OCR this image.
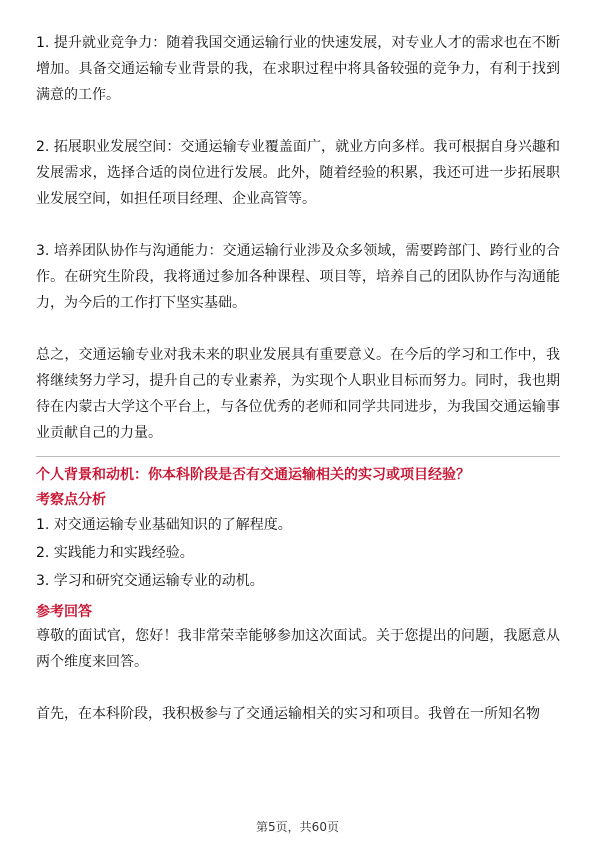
1. 提升就业竞争力：随着我国交通运输行业的快速发展，对专业人才的需求也在不断增加。具备交通运输专业背景的我，在求职过程中将具备较强的竞争力，有利于找到满意的工作。

2. 拓展职业发展空间：交通运输专业覆盖面广，就业方向多样。我可根据自身兴趣和发展需求，选择合适的岗位进行发展。此外，随着经验的积累，我还可进一步拓展职业发展空间，如担任项目经理、企业高管等。

3. 培养团队协作与沟通能力：交通运输行业涉及众多领域，需要跨部门、跨行业的合作。在研究生阶段，我将通过参加各种课程、项目等，培养自己的团队协作与沟通能力，为今后的工作打下坚实基础。

总之，交通运输专业对我未来的职业发展具有重要意义。在今后的学习和工作中，我将继续努力学习，提升自己的专业素养，为实现个人职业目标而努力。同时，我也期待在内蒙古大学这个平台上，与各位优秀的老师和同学共同进步，为我国交通运输事业贡献自己的力量。

个人背景和动机：你本科阶段是否有交通运输相关的实习或项目经验？
考察点分析

1. 对交通运输专业基础知识的了解程度。

2. 实践能力和实践经验。

3. 学习和研究交通运输专业的动机。

参考回答

尊敬的面试官，您好！我非常荣幸能够参加这次面试。关于您提出的问题，我愿意从两个维度来回答。

首先，在本科阶段，我积极参与了交通运输相关的实习和项目。我曾在一所知名物

第5页，共60页
